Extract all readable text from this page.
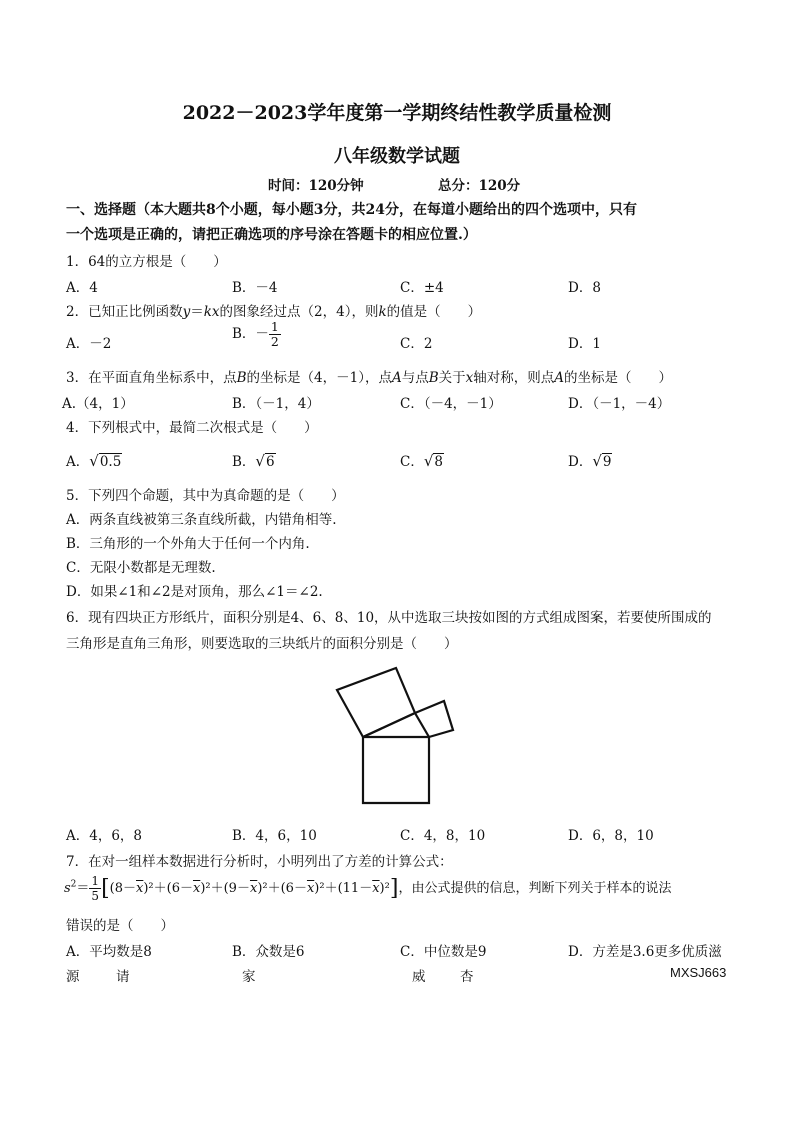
2022－2023学年度第一学期终结性教学质量检测
八年级数学试题
时间：120分钟	总分：120分
一、选择题（本大题共8个小题，每小题3分，共24分，在每道小题给出的四个选项中，只有
一个选项是正确的，请把正确选项的序号涂在答题卡的相应位置.）
1．64的立方根是（　　）
A．4	B．－4	C．±4	D．8
2．已知正比例函数y＝kx的图象经过点（2，4），则k的值是（　　）
A．－2
B．－ $\frac{1}{2}$	C．2	D．1
3．在平面直角坐标系中，点B的坐标是（4，－1），点A与点B关于x轴对称，则点A的坐标是（　　）
A.（4，1）	B．（－1，4）	C．（－4，－1）	D．（－1，－4）
4．下列根式中，最简二次根式是（　　）
A．√0.5	B．√6	C．√8	D．√9
5．下列四个命题，其中为真命题的是（　　）
A．两条直线被第三条直线所截，内错角相等.
B．三角形的一个外角大于任何一个内角.
C．无限小数都是无理数.
D．如果∠1和∠2是对顶角，那么∠1＝∠2.
6．现有四块正方形纸片，面积分别是4、6、8、10，从中选取三块按如图的方式组成图案，若要使所围成的
三角形是直角三角形，则要选取的三块纸片的面积分别是（　　）
A．4，6，8	B．4，6，10	C．4，8，10	D．6，8，10
7．在对一组样本数据进行分析时，小明列出了方差的计算公式：
$s^2= \frac{1}{5} [(8-\overline{x})^2+(6-\overline{x})^2+(9-\overline{x})^2+(6-\overline{x})^2+(11-\overline{x})^2]$，由公式提供的信息，判断下列关于样本的说法
错误的是（　　）
A．平均数是8	B．众数是6	C．中位数是9	D．方差是3.6更多优质滋
源	请	家	威	杏	MXSJ663
